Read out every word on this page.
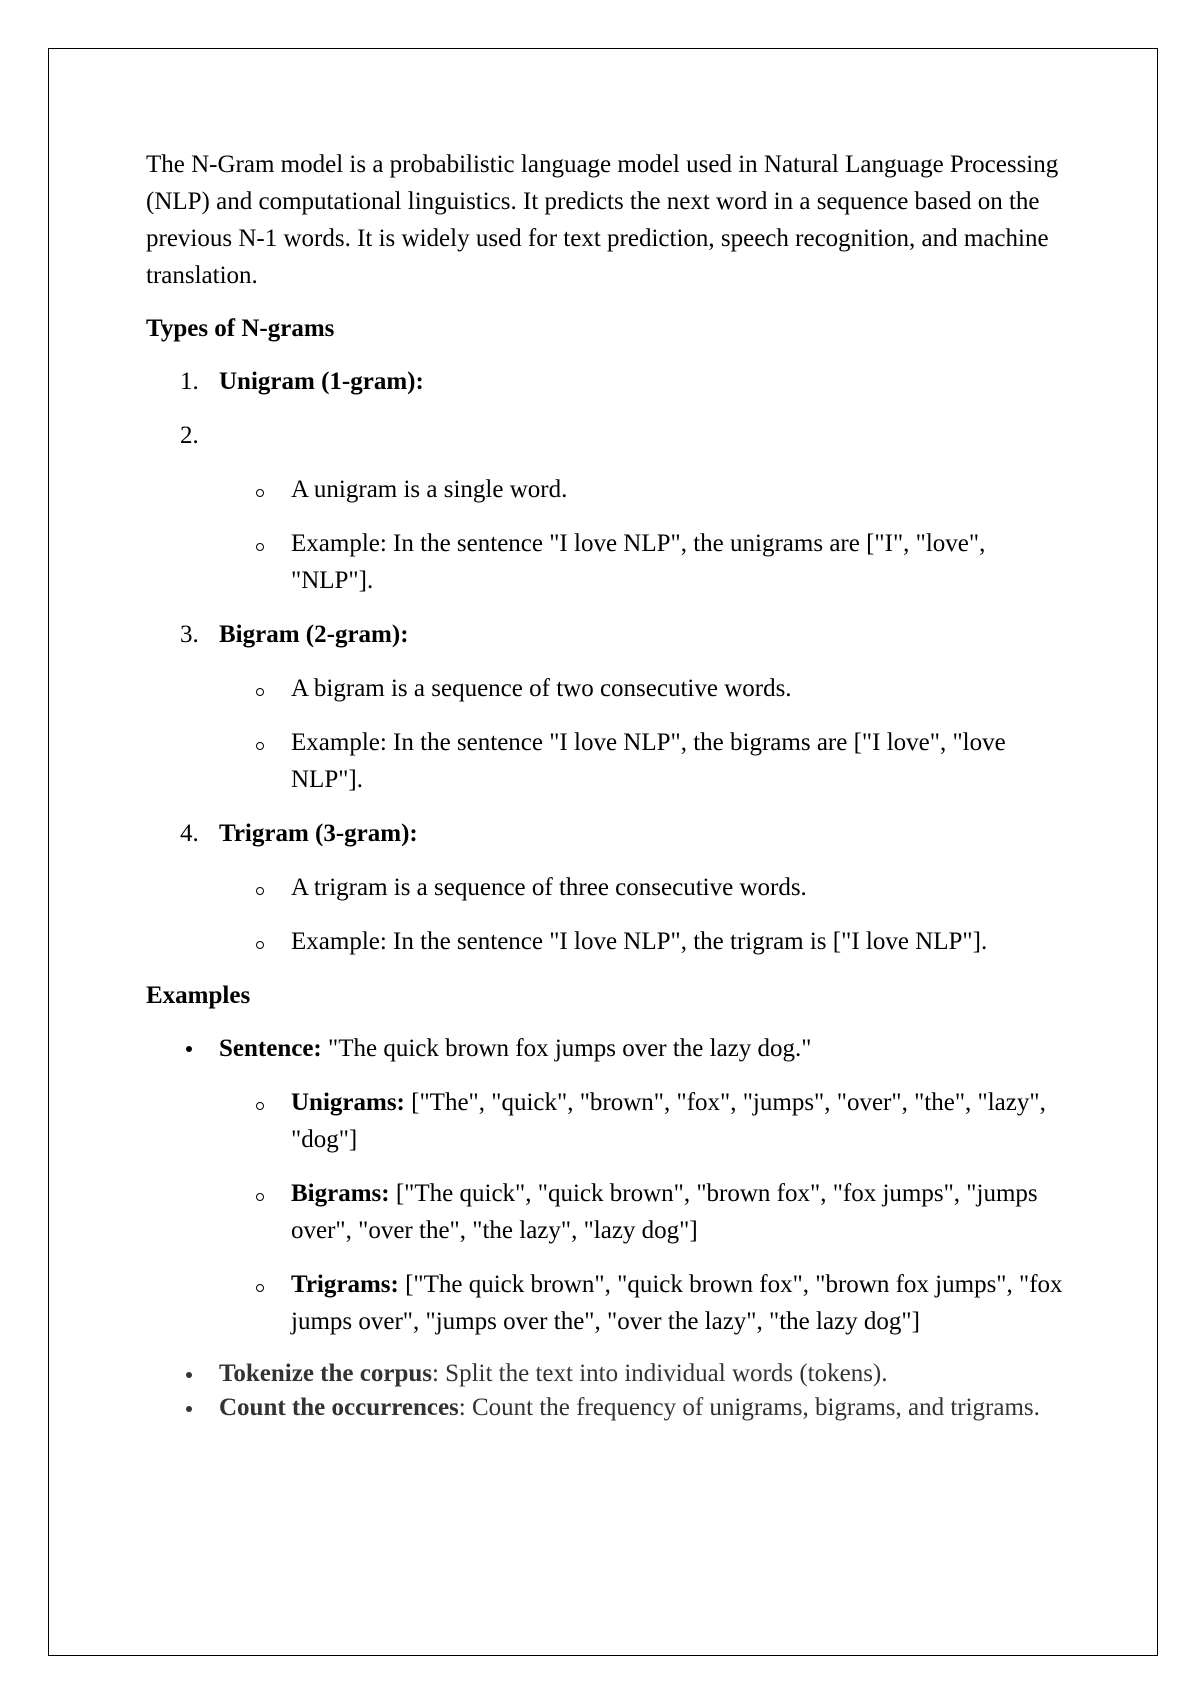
The N-Gram model is a probabilistic language model used in Natural Language Processing (NLP) and computational linguistics. It predicts the next word in a sequence based on the previous N-1 words. It is widely used for text prediction, speech recognition, and machine translation.

Types of N-grams

1. Unigram (1-gram):
2.
A unigram is a single word.
Example: In the sentence "I love NLP", the unigrams are ["I", "love", "NLP"].
3. Bigram (2-gram):
A bigram is a sequence of two consecutive words.
Example: In the sentence "I love NLP", the bigrams are ["I love", "love NLP"].
4. Trigram (3-gram):
A trigram is a sequence of three consecutive words.
Example: In the sentence "I love NLP", the trigram is ["I love NLP"].

Examples

Sentence: "The quick brown fox jumps over the lazy dog."
Unigrams: ["The", "quick", "brown", "fox", "jumps", "over", "the", "lazy", "dog"]
Bigrams: ["The quick", "quick brown", "brown fox", "fox jumps", "jumps over", "over the", "the lazy", "lazy dog"]
Trigrams: ["The quick brown", "quick brown fox", "brown fox jumps", "fox jumps over", "jumps over the", "over the lazy", "the lazy dog"]
Tokenize the corpus: Split the text into individual words (tokens).
Count the occurrences: Count the frequency of unigrams, bigrams, and trigrams.
